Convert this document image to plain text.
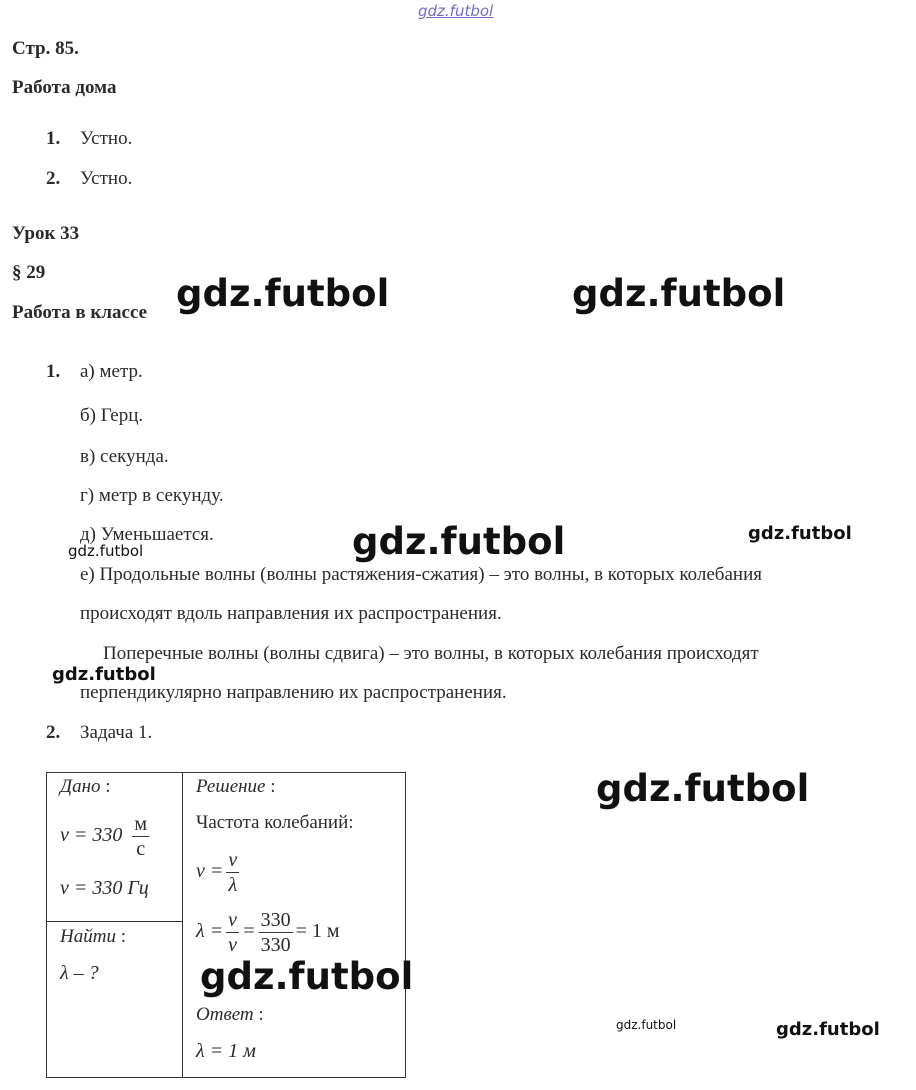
gdz.futbol
Стр. 85.
Работа дома
1. Устно.
2. Устно.
Урок 33
§ 29
Работа в классе
1. а) метр.
б) Герц.
в) секунда.
г) метр в секунду.
д) Уменьшается.
е) Продольные волны (волны растяжения-сжатия) – это волны, в которых колебания
происходят вдоль направления их распространения.
Поперечные волны (волны сдвига) – это волны, в которых колебания происходят
перпендикулярно направлению их распространения.
2. Задача 1.
Дано :
$v = 330 \frac{м}{с}$
ν = 330 Гц
Найти :
λ – ?
Решение :
Частота колебаний:
$\nu = \frac{v}{\lambda}$
$\lambda = \frac{v}{\nu} = \frac{330}{330} = 1$ м
Ответ :
λ = 1 м
gdz.futbol	gdz.futbol
gdz.futbol	gdz.futbol
gdz.futbol
gdz.futbol
gdz.futbol
gdz.futbol
gdz.futbol	gdz.futbol
